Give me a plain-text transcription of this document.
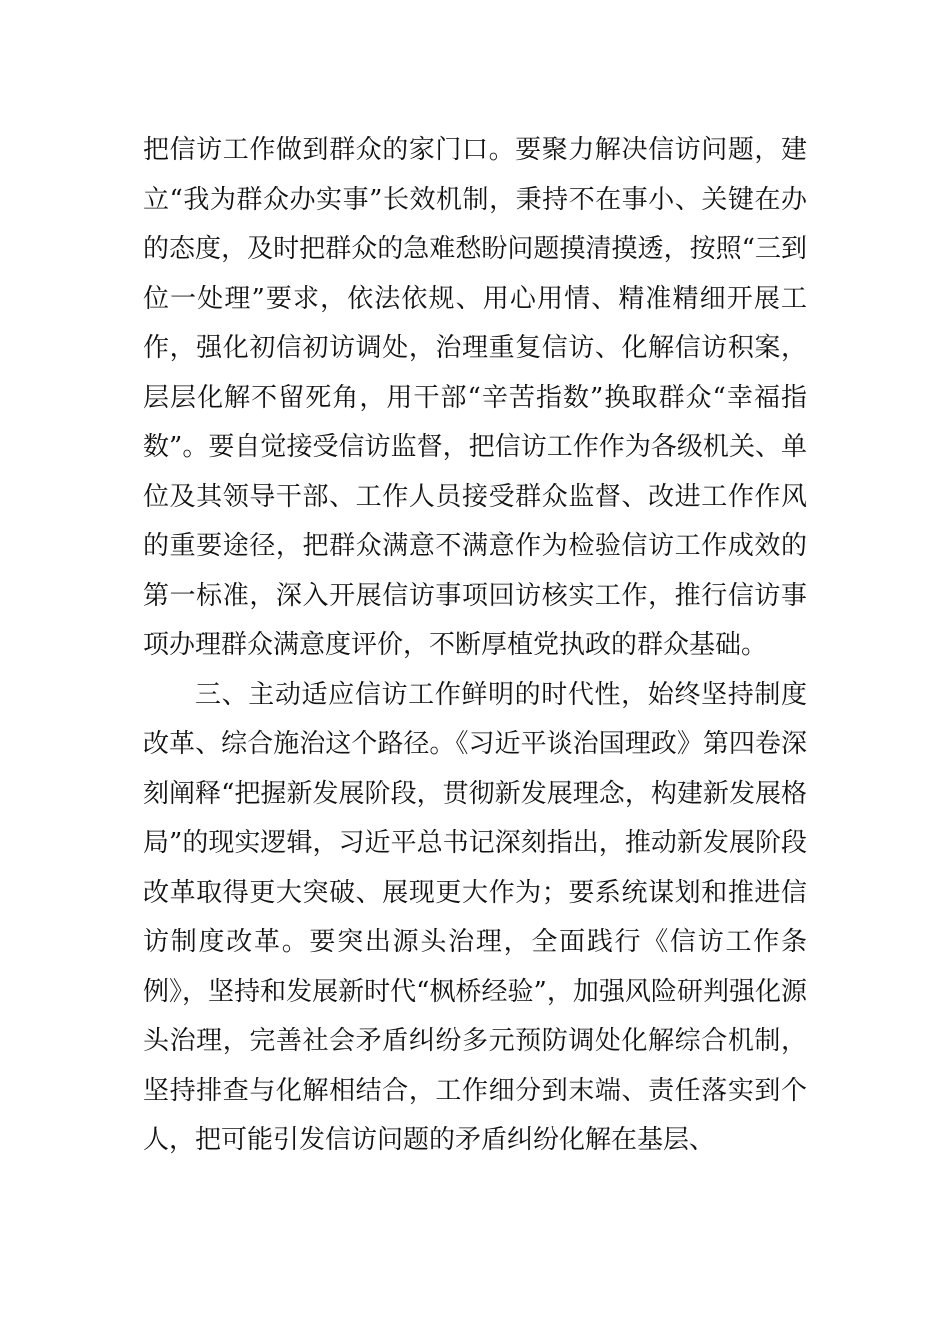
把信访工作做到群众的家门口。要聚力解决信访问题，建立“我为群众办实事”长效机制，秉持不在事小、关键在办的态度，及时把群众的急难愁盼问题摸清摸透，按照“三到位一处理”要求，依法依规、用心用情、精准精细开展工作，强化初信初访调处，治理重复信访、化解信访积案，层层化解不留死角，用干部“辛苦指数”换取群众“幸福指数”。要自觉接受信访监督，把信访工作作为各级机关、单位及其领导干部、工作人员接受群众监督、改进工作作风的重要途径，把群众满意不满意作为检验信访工作成效的第一标准，深入开展信访事项回访核实工作，推行信访事项办理群众满意度评价，不断厚植党执政的群众基础。

三、主动适应信访工作鲜明的时代性，始终坚持制度改革、综合施治这个路径。《习近平谈治国理政》第四卷深刻阐释“把握新发展阶段，贯彻新发展理念，构建新发展格局”的现实逻辑，习近平总书记深刻指出，推动新发展阶段改革取得更大突破、展现更大作为；要系统谋划和推进信访制度改革。要突出源头治理，全面践行《信访工作条例》，坚持和发展新时代“枫桥经验”，加强风险研判强化源头治理，完善社会矛盾纠纷多元预防调处化解综合机制，坚持排查与化解相结合，工作细分到末端、责任落实到个人，把可能引发信访问题的矛盾纠纷化解在基层、
